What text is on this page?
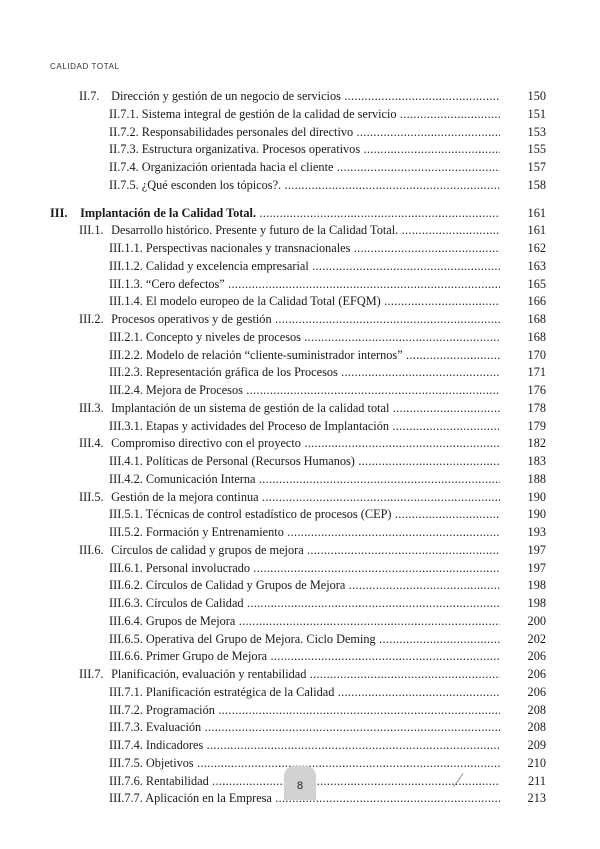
CALIDAD TOTAL
II.7. Dirección y gestión de un negocio de servicios .....	150
II.7.1. Sistema integral de gestión de la calidad de servicio .....	151
II.7.2. Responsabilidades personales del directivo .....	153
II.7.3. Estructura organizativa. Procesos operativos .....	155
II.7.4. Organización orientada hacia el cliente .....	157
II.7.5. ¿Qué esconden los tópicos?. .....	158
III. Implantación de la Calidad Total. .....	161
III.1. Desarrollo histórico. Presente y futuro de la Calidad Total. .....	161
III.1.1. Perspectivas nacionales y transnacionales .....	162
III.1.2. Calidad y excelencia empresarial .....	163
III.1.3. “Cero defectos” .....	165
III.1.4. El modelo europeo de la Calidad Total (EFQM) .....	166
III.2. Procesos operativos y de gestión .....	168
III.2.1. Concepto y niveles de procesos .....	168
III.2.2. Modelo de relación “cliente-suministrador internos” .....	170
III.2.3. Representación gráfica de los Procesos .....	171
III.2.4. Mejora de Procesos .....	176
III.3. Implantación de un sistema de gestión de la calidad total .....	178
III.3.1. Etapas y actividades del Proceso de Implantación .....	179
III.4. Compromiso directivo con el proyecto .....	182
III.4.1. Políticas de Personal (Recursos Humanos) .....	183
III.4.2. Comunicación Interna .....	188
III.5. Gestión de la mejora continua .....	190
III.5.1. Técnicas de control estadístico de procesos (CEP) .....	190
III.5.2. Formación y Entrenamiento .....	193
III.6. Círculos de calidad y grupos de mejora .....	197
III.6.1. Personal involucrado .....	197
III.6.2. Círculos de Calidad y Grupos de Mejora .....	198
III.6.3. Círculos de Calidad .....	198
III.6.4. Grupos de Mejora .....	200
III.6.5. Operativa del Grupo de Mejora. Ciclo Deming .....	202
III.6.6. Primer Grupo de Mejora .....	206
III.7. Planificación, evaluación y rentabilidad .....	206
III.7.1. Planificación estratégica de la Calidad .....	206
III.7.2. Programación .....	208
III.7.3. Evaluación .....	208
III.7.4. Indicadores .....	209
III.7.5. Objetivos .....	210
III.7.6. Rentabilidad .....	211
III.7.7. Aplicación en la Empresa .....	213
8
